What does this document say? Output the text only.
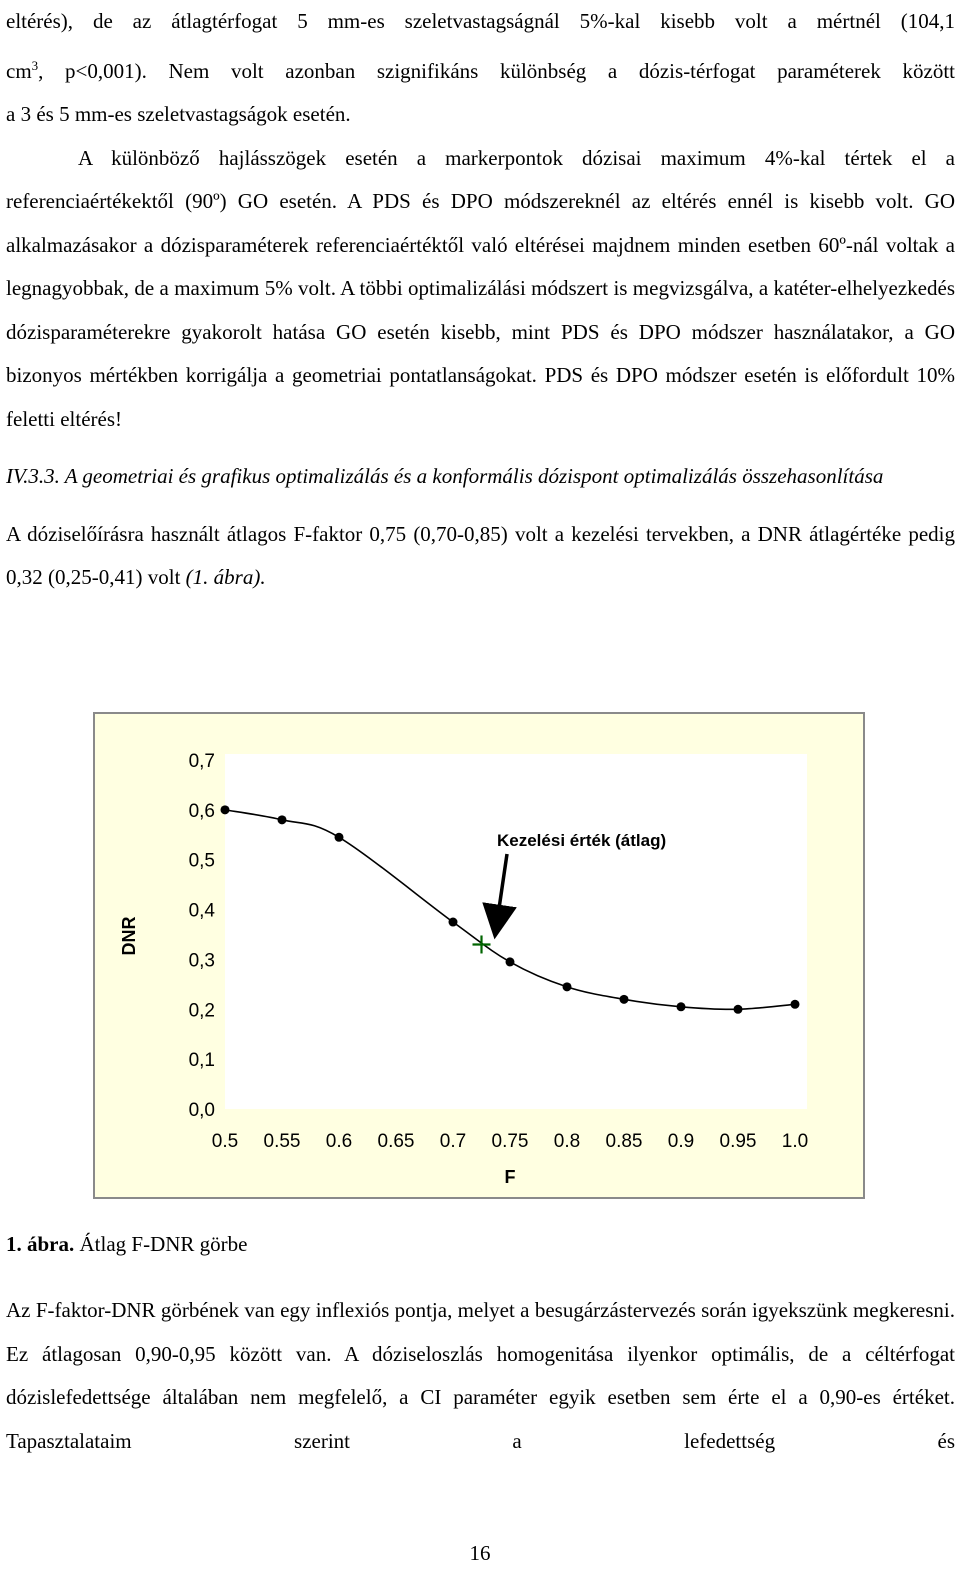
eltérés), de az átlagtérfogat 5 mm-es szeletvastagságnál 5%-kal kisebb volt a mértnél (104,1

$cm^3$, p<0,001). Nem volt azonban szignifikáns különbség a dózis-térfogat paraméterek között

a 3 és 5 mm-es szeletvastagságok esetén.

A különböző hajlásszögek esetén a markerpontok dózisai maximum 4%-kal tértek el a referenciaértékektől (90º) GO esetén. A PDS és DPO módszereknél az eltérés ennél is kisebb volt. GO alkalmazásakor a dózisparaméterek referenciaértéktől való eltérései majdnem minden esetben 60º-nál voltak a legnagyobbak, de a maximum 5% volt. A többi optimalizálási módszert is megvizsgálva, a katéter-elhelyezkedés dózisparaméterekre gyakorolt hatása GO esetén kisebb, mint PDS és DPO módszer használatakor, a GO bizonyos mértékben korrigálja a geometriai pontatlanságokat. PDS és DPO módszer esetén is előfordult 10% feletti eltérés!

IV.3.3. A geometriai és grafikus optimalizálás és a konformális dózispont optimalizálás összehasonlítása

A dóziselőírásra használt átlagos F-faktor 0,75 (0,70-0,85) volt a kezelési tervekben, a DNR átlagértéke pedig 0,32 (0,25-0,41) volt (1. ábra).

0,0
0,1
0,2
0,3
0,4
0,5
0,6
0,7
0.5 0.55 0.6 0.65 0.7 0.75 0.8 0.85 0.9 0.95 1.0
F
DNR
Kezelési érték (átlag)
1. ábra. Átlag F-DNR görbe

Az F-faktor-DNR görbének van egy inflexiós pontja, melyet a besugárzástervezés során igyekszünk megkeresni. Ez átlagosan 0,90-0,95 között van. A dóziseloszlás homogenitása ilyenkor optimális, de a céltérfogat dózislefedettsége általában nem megfelelő, a CI paraméter egyik esetben sem érte el a 0,90-es értéket. Tapasztalataim szerint a lefedettség és

16
